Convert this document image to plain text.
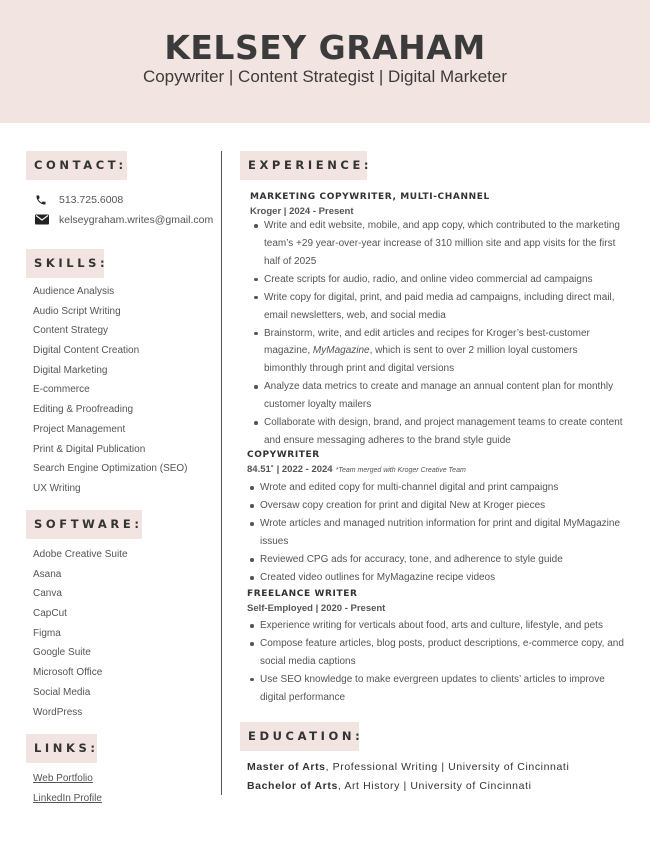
KELSEY GRAHAM
Copywriter | Content Strategist | Digital Marketer
CONTACT:
513.725.6008
kelseygraham.writes@gmail.com
SKILLS:
Audience Analysis
Audio Script Writing
Content Strategy
Digital Content Creation
Digital Marketing
E-commerce
Editing & Proofreading
Project Management
Print & Digital Publication
Search Engine Optimization (SEO)
UX Writing
SOFTWARE:
Adobe Creative Suite
Asana
Canva
CapCut
Figma
Google Suite
Microsoft Office
Social Media
WordPress
LINKS:
Web Portfolio
LinkedIn Profile
EXPERIENCE:
MARKETING COPYWRITER, MULTI-CHANNEL
Kroger | 2024 - Present
Write and edit website, mobile, and app copy, which contributed to the marketing team’s +29 year-over-year increase of 310 million site and app visits for the first half of 2025
Create scripts for audio, radio, and online video commercial ad campaigns
Write copy for digital, print, and paid media ad campaigns, including direct mail, email newsletters, web, and social media
Brainstorm, write, and edit articles and recipes for Kroger’s best-customer magazine, MyMagazine, which is sent to over 2 million loyal customers bimonthly through print and digital versions
Analyze data metrics to create and manage an annual content plan for monthly customer loyalty mailers
Collaborate with design, brand, and project management teams to create content and ensure messaging adheres to the brand style guide
COPYWRITER
84.51˚ | 2022 - 2024 *Team merged with Kroger Creative Team
Wrote and edited copy for multi-channel digital and print campaigns
Oversaw copy creation for print and digital New at Kroger pieces
Wrote articles and managed nutrition information for print and digital MyMagazine issues
Reviewed CPG ads for accuracy, tone, and adherence to style guide
Created video outlines for MyMagazine recipe videos
FREELANCE WRITER
Self-Employed | 2020 - Present
Experience writing for verticals about food, arts and culture, lifestyle, and pets
Compose feature articles, blog posts, product descriptions, e-commerce copy, and social media captions
Use SEO knowledge to make evergreen updates to clients’ articles to improve digital performance
EDUCATION:
Master of Arts, Professional Writing | University of Cincinnati
Bachelor of Arts, Art History | University of Cincinnati
